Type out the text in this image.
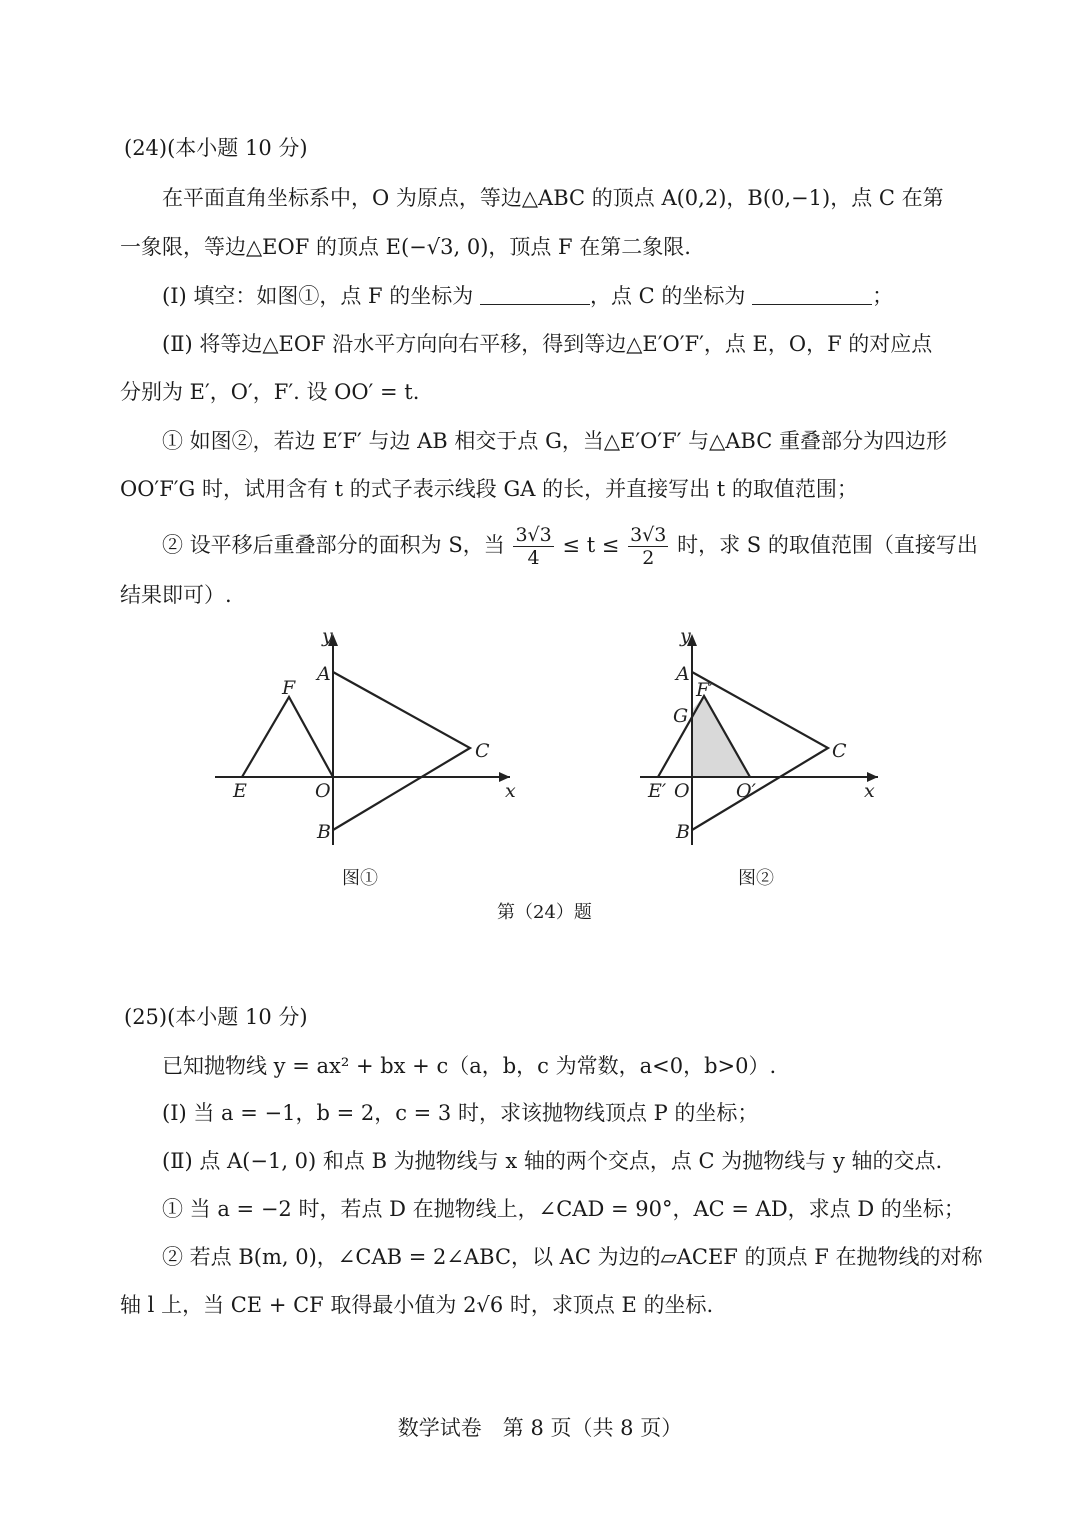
(24)(本小题 10 分)
在平面直角坐标系中，O 为原点，等边△ABC 的顶点 A(0,2)，B(0,−1)，点 C 在第
一象限，等边△EOF 的顶点 E(−√3, 0)，顶点 F 在第二象限.
(Ⅰ) 填空：如图①，点 F 的坐标为	，点 C 的坐标为	；
(Ⅱ) 将等边△EOF 沿水平方向向右平移，得到等边△E′O′F′，点 E，O，F 的对应点
分别为 E′，O′，F′. 设 OO′ = t.
① 如图②，若边 E′F′ 与边 AB 相交于点 G，当△E′O′F′ 与△ABC 重叠部分为四边形
OO′F′G 时，试用含有 t 的式子表示线段 GA 的长，并直接写出 t 的取值范围；
② 设平移后重叠部分的面积为 S，当 $\frac{3√3}{4} \le t \le \frac{3√3}{2}$ 时，求 S 的取值范围（直接写出
结果即可）.
y
A
F
C
E	O	x
B
y
A
F′
G
C
E′ O O′	x
B
图①	图②
第（24）题
(25)(本小题 10 分)
已知抛物线 y = ax² + bx + c（a，b，c 为常数，a<0，b>0）.
(Ⅰ) 当 a = −1，b = 2，c = 3 时，求该抛物线顶点 P 的坐标；
(Ⅱ) 点 A(−1, 0) 和点 B 为抛物线与 x 轴的两个交点，点 C 为抛物线与 y 轴的交点.
① 当 a = −2 时，若点 D 在抛物线上，∠CAD = 90°，AC = AD，求点 D 的坐标；
② 若点 B(m, 0)，∠CAB = 2∠ABC，以 AC 为边的▱ACEF 的顶点 F 在抛物线的对称
轴 l 上，当 CE + CF 取得最小值为 2√6 时，求顶点 E 的坐标.
数学试卷　第 8 页（共 8 页）
